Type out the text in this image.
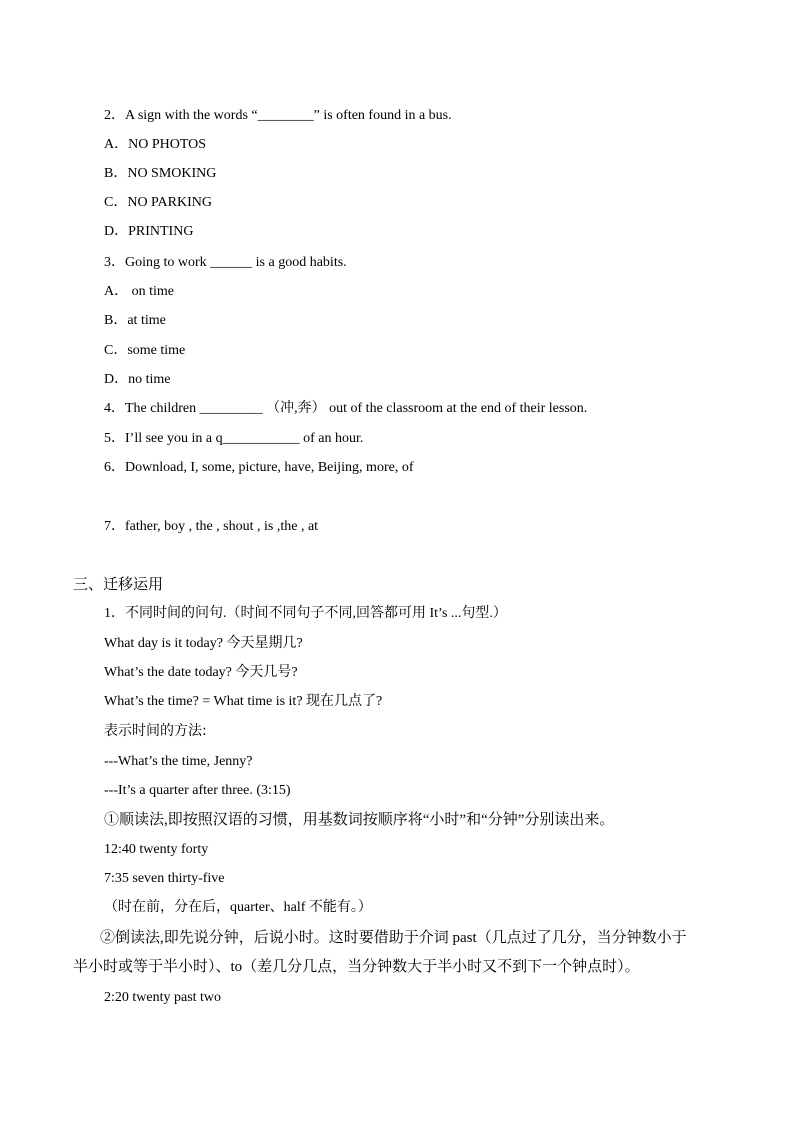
2．A sign with the words “________” is often found in a bus.
A．NO PHOTOS
B．NO SMOKING
C．NO PARKING
D．PRINTING
3．Going to work ______ is a good habits.
A． on time
B．at time
C．some time
D．no time
4．The children _________ （冲,奔） out of the classroom at the end of their lesson.
5．I’ll see you in a q___________ of an hour.
6．Download, I, some, picture, have, Beijing, more, of
7．father, boy , the , shout , is ,the , at
三、迁移运用
1．不同时间的问句.（时间不同句子不同,回答都可用 It’s ...句型.）
What day is it today? 今天星期几?
What’s the date today? 今天几号?
What’s the time? = What time is it? 现在几点了?
表示时间的方法:
---What’s the time, Jenny?
---It’s a quarter after three. (3:15)
①顺读法,即按照汉语的习惯，用基数词按顺序将“小时”和“分钟”分别读出来。
12:40 twenty forty
7:35 seven thirty-five
（时在前，分在后，quarter、half 不能有。）
②倒读法,即先说分钟，后说小时。这时要借助于介词 past（几点过了几分，当分钟数小于
半小时或等于半小时）、to（差几分几点，当分钟数大于半小时又不到下一个钟点时）。
2:20 twenty past two
